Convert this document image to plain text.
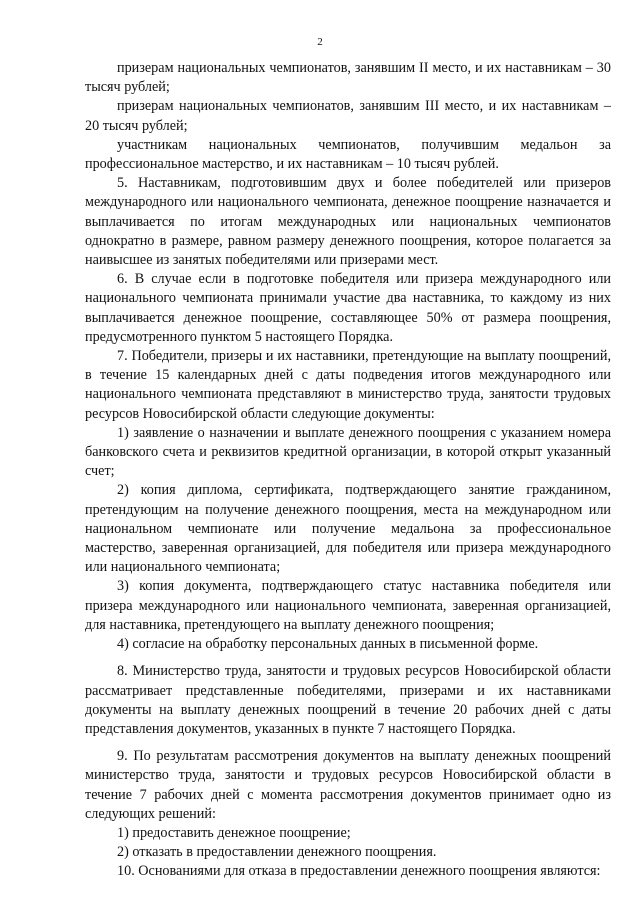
2

призерам национальных чемпионатов, занявшим II место, и их наставникам – 30 тысяч рублей;

призерам национальных чемпионатов, занявшим III место, и их наставникам – 20 тысяч рублей;

участникам национальных чемпионатов, получившим медальон за профессиональное мастерство, и их наставникам – 10 тысяч рублей.

5. Наставникам, подготовившим двух и более победителей или призеров международного или национального чемпионата, денежное поощрение назначается и выплачивается по итогам международных или национальных чемпионатов однократно в размере, равном размеру денежного поощрения, которое полагается за наивысшее из занятых победителями или призерами мест.

6. В случае если в подготовке победителя или призера международного или национального чемпионата принимали участие два наставника, то каждому из них выплачивается денежное поощрение, составляющее 50% от размера поощрения, предусмотренного пунктом 5 настоящего Порядка.

7. Победители, призеры и их наставники, претендующие на выплату поощрений, в течение 15 календарных дней с даты подведения итогов международного или национального чемпионата представляют в министерство труда, занятости трудовых ресурсов Новосибирской области следующие документы:

1) заявление о назначении и выплате денежного поощрения с указанием номера банковского счета и реквизитов кредитной организации, в которой открыт указанный счет;

2) копия диплома, сертификата, подтверждающего занятие гражданином, претендующим на получение денежного поощрения, места на международном или национальном чемпионате или получение медальона за профессиональное мастерство, заверенная организацией, для победителя или призера международного или национального чемпионата;

3) копия документа, подтверждающего статус наставника победителя или призера международного или национального чемпионата, заверенная организацией, для наставника, претендующего на выплату денежного поощрения;

4) согласие на обработку персональных данных в письменной форме.

8. Министерство труда, занятости и трудовых ресурсов Новосибирской области рассматривает представленные победителями, призерами и их наставниками документы на выплату денежных поощрений в течение 20 рабочих дней с даты представления документов, указанных в пункте 7 настоящего Порядка.

9. По результатам рассмотрения документов на выплату денежных поощрений министерство труда, занятости и трудовых ресурсов Новосибирской области в течение 7 рабочих дней с момента рассмотрения документов принимает одно из следующих решений:

1) предоставить денежное поощрение;

2) отказать в предоставлении денежного поощрения.

10. Основаниями для отказа в предоставлении денежного поощрения являются:
